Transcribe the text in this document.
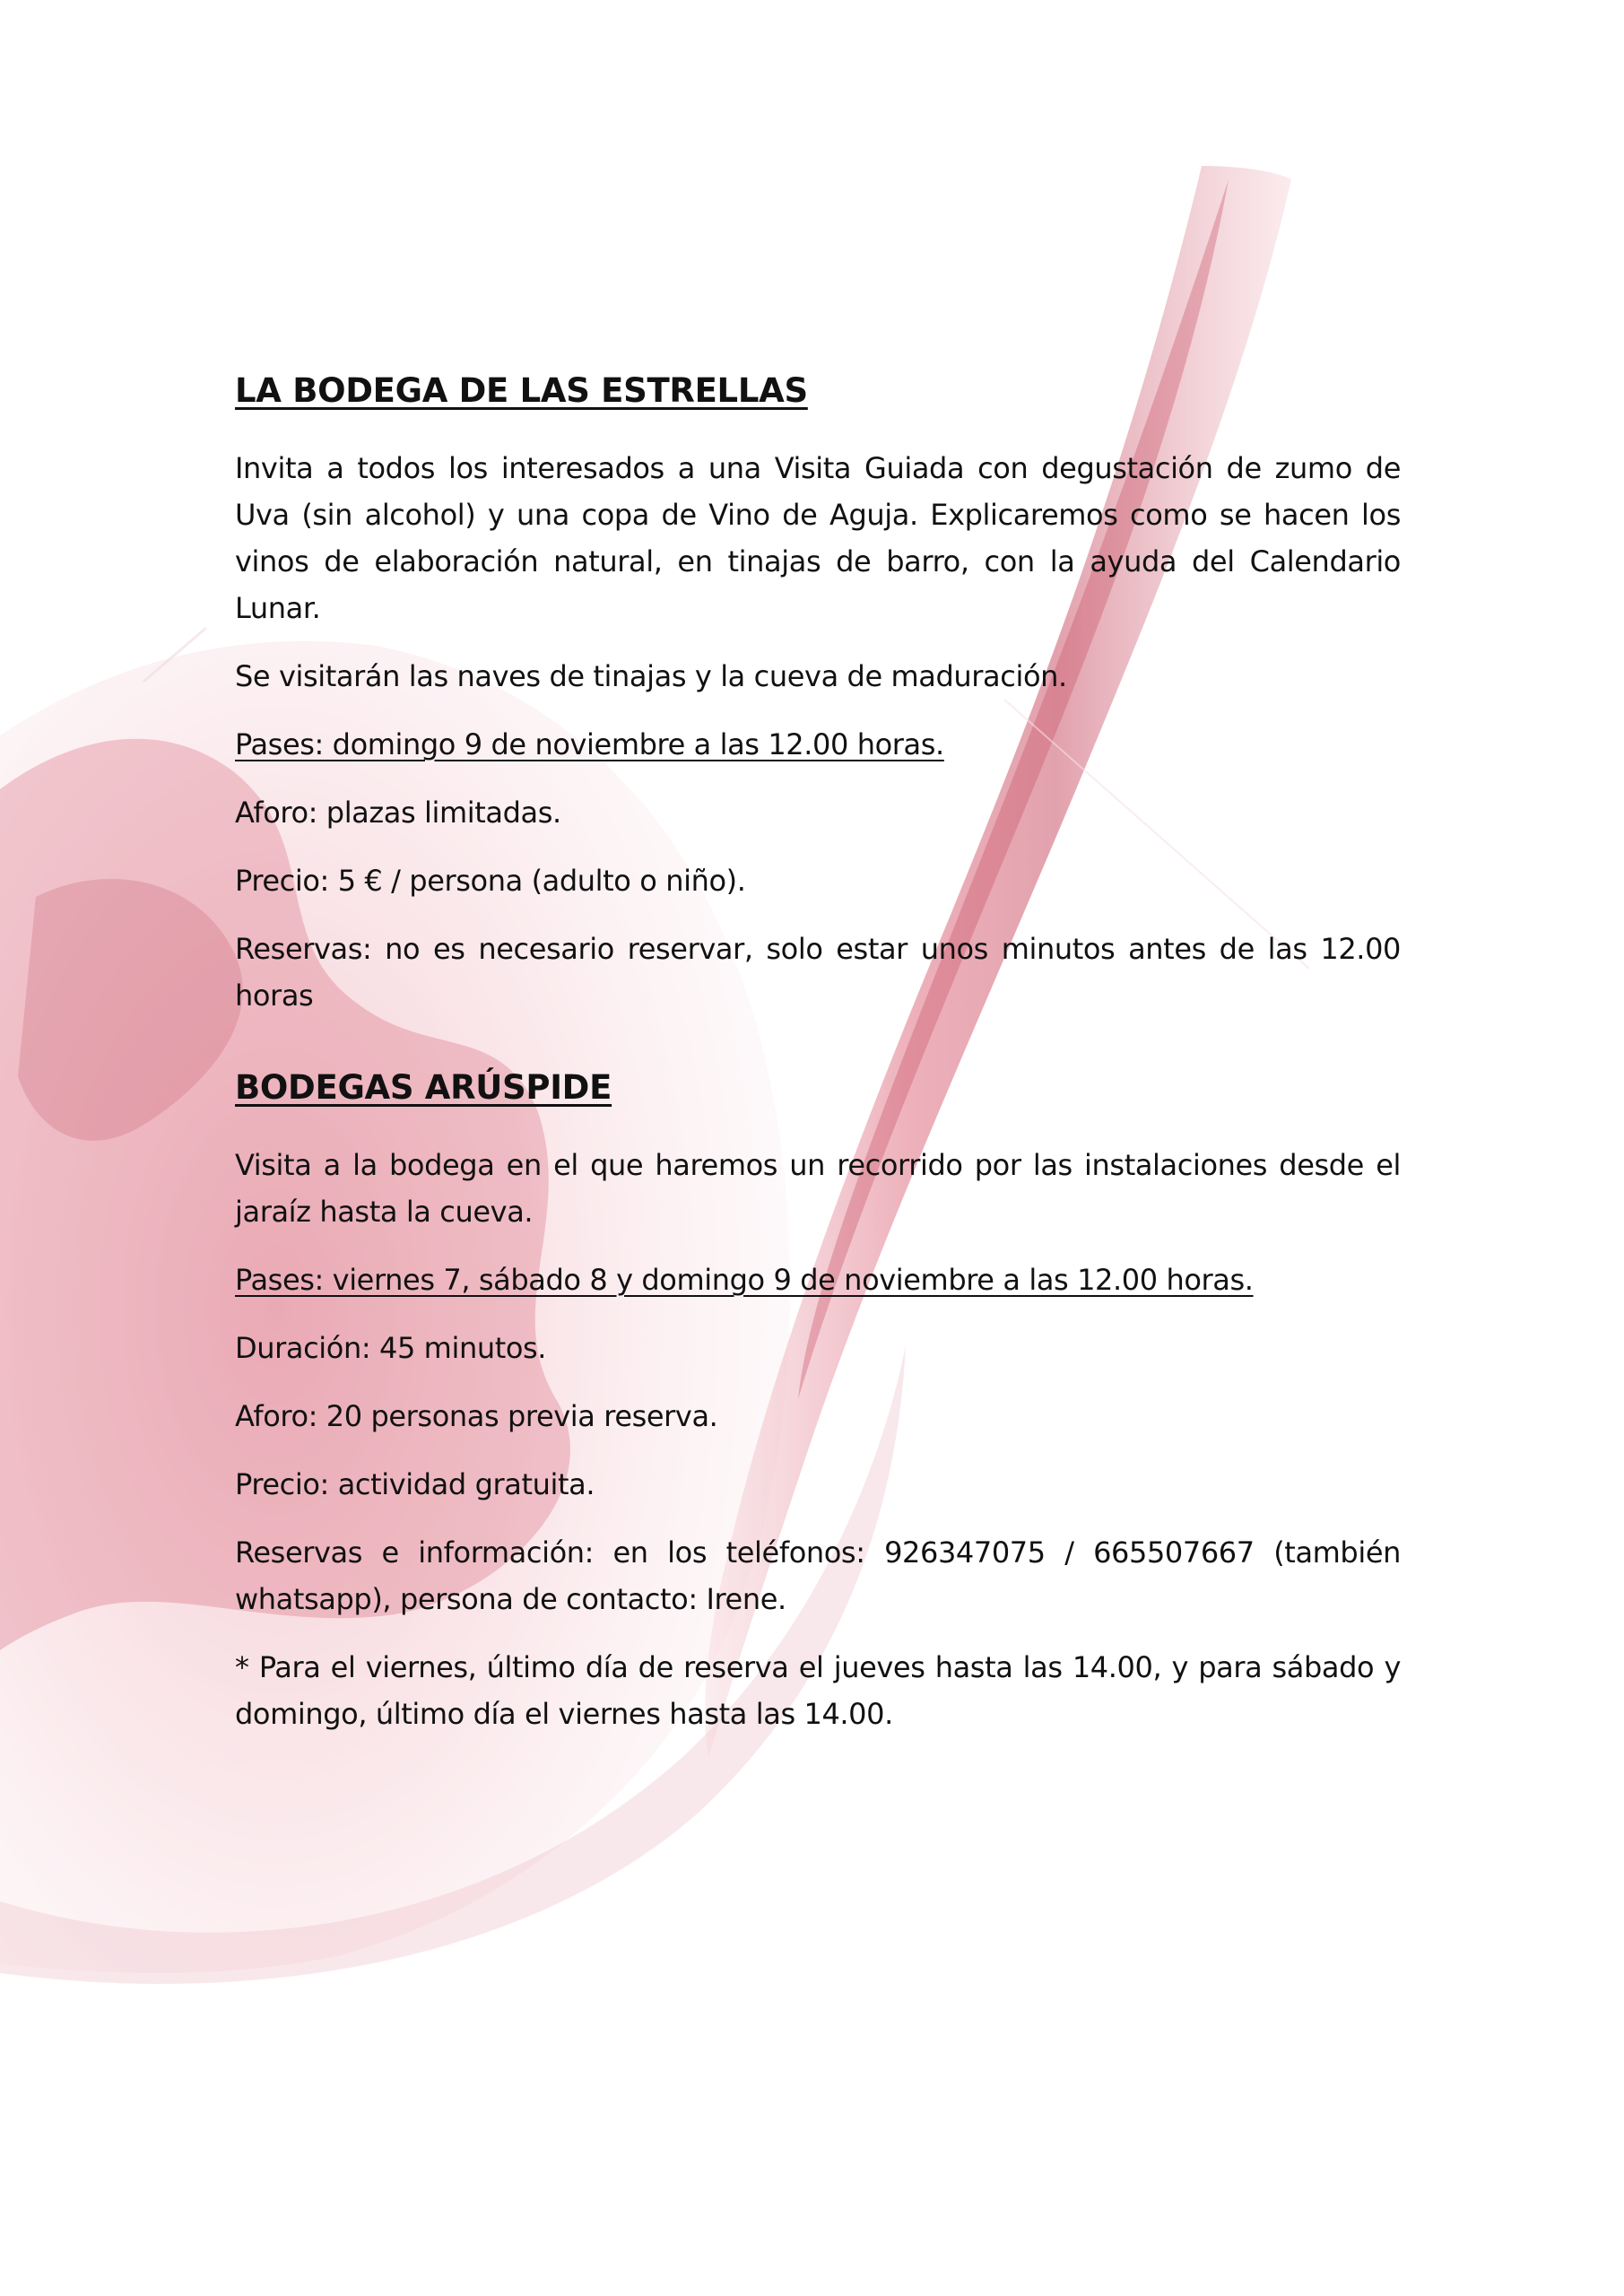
LA BODEGA DE LAS ESTRELLAS

Invita a todos los interesados a una Visita Guiada con degustación de zumo de Uva (sin alcohol) y una copa de Vino de Aguja. Explicaremos como se hacen los vinos de elaboración natural, en tinajas de barro, con la ayuda del Calendario Lunar.

Se visitarán las naves de tinajas y la cueva de maduración.

Pases: domingo 9 de noviembre a las 12.00 horas.

Aforo: plazas limitadas.

Precio: 5 € / persona (adulto o niño).

Reservas: no es necesario reservar, solo estar unos minutos antes de las 12.00 horas

BODEGAS ARÚSPIDE

Visita a la bodega en el que haremos un recorrido por las instalaciones desde el jaraíz hasta la cueva.

Pases: viernes 7, sábado 8 y domingo 9 de noviembre a las 12.00 horas.

Duración: 45 minutos.

Aforo: 20 personas previa reserva.

Precio: actividad gratuita.

Reservas e información: en los teléfonos: 926347075 / 665507667 (también whatsapp), persona de contacto: Irene.

* Para el viernes, último día de reserva el jueves hasta las 14.00, y para sábado y domingo, último día el viernes hasta las 14.00.
